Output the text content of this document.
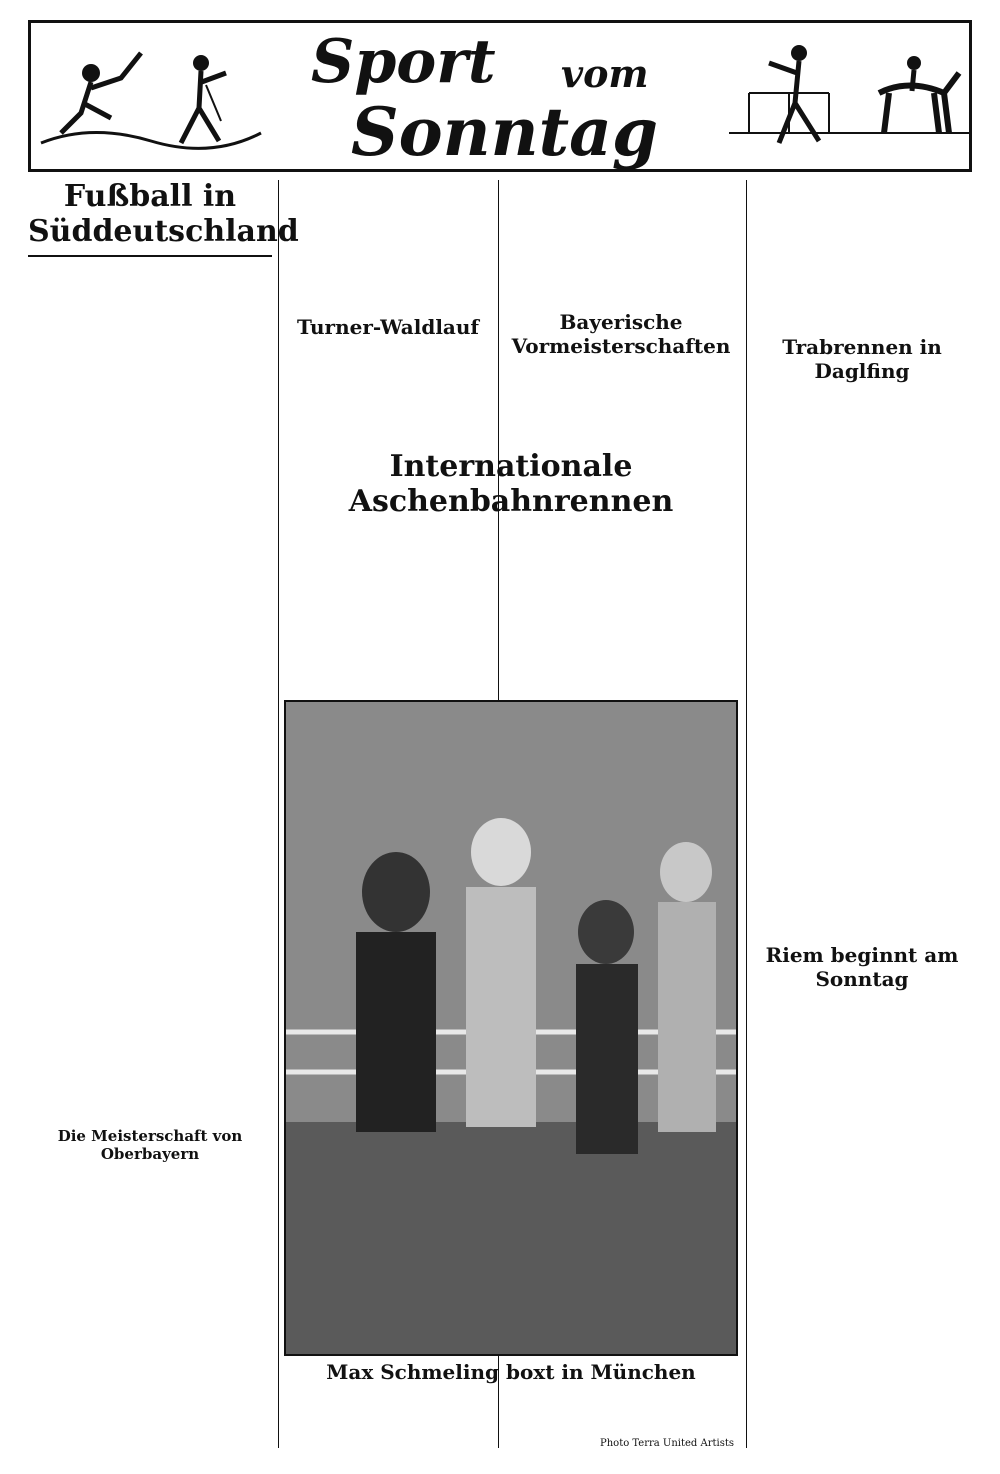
Sport vom
Sonntag

Fußball in Süddeutschland

Die Meisterschaft von Oberbayern

Turner-Waldlauf	Bayerische Vormeisterschaften

Internationale Aschenbahnrennen

Trabrennen in Daglfing

Riem beginnt am Sonntag

Max Schmeling boxt in München
Photo Terra United Artists
